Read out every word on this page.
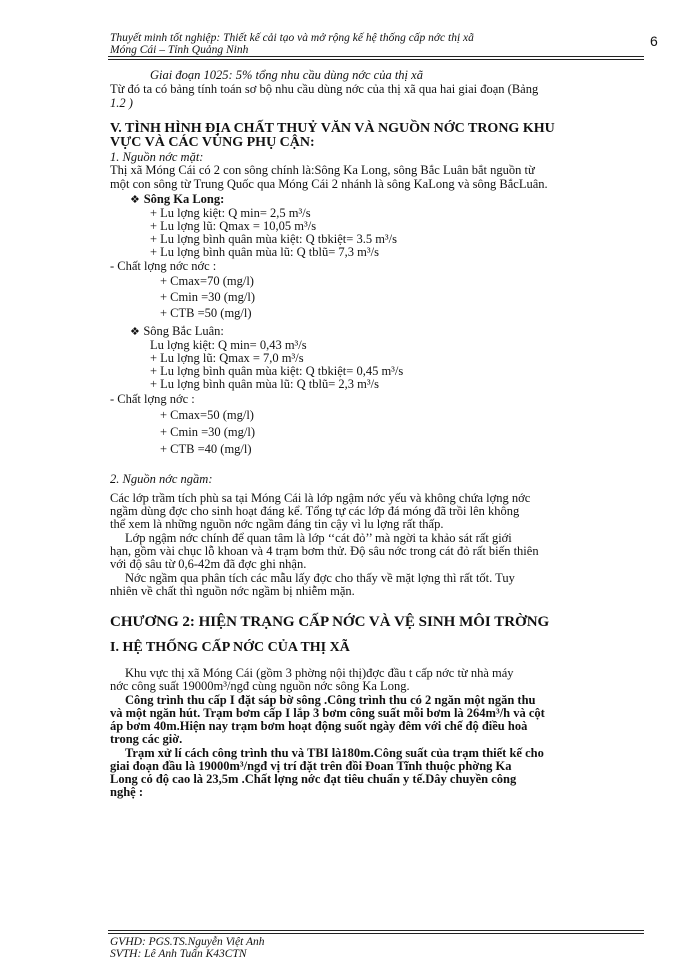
Thuyết minh tốt nghiệp: Thiết kế cải tạo và mở rộng kế hệ thống cấp nớc thị xã
Móng Cái – Tỉnh Quảng Ninh
6
Giai đoạn 1025: 5% tổng nhu cầu dùng nớc của thị xã
Từ đó ta có bảng tính toán sơ bộ nhu cầu dùng nớc của thị xã qua hai giai đoạn (Bảng
1.2 )
V. TÌNH HÌNH ĐỊA CHẤT THUỶ VĂN VÀ NGUỒN NỚC TRONG KHU
VỰC VÀ CÁC VÙNG PHỤ CẬN:
1. Nguồn nớc mặt:
Thị xã Móng Cái có 2 con sông chính là:Sông Ka Long, sông Bắc Luân bắt nguồn từ
một con sông từ Trung Quốc qua Móng Cái 2 nhánh là sông KaLong và sông BắcLuân.
❖ Sông Ka Long:
+ Lu lợng kiệt: Q min= 2,5 m³/s
+ Lu lợng lũ: Qmax = 10,05 m³/s
+ Lu lợng bình quân mùa kiệt: Q tbkiệt= 3.5 m³/s
+ Lu lợng bình quân mùa lũ: Q tblũ= 7,3 m³/s
- Chất lợng nớc nớc :
+ Cmax=70 (mg/l)
+ Cmin =30 (mg/l)
+ CTB =50 (mg/l)
❖ Sông Bắc Luân:
Lu lợng kiệt: Q min= 0,43 m³/s
+ Lu lợng lũ: Qmax = 7,0 m³/s
+ Lu lợng bình quân mùa kiệt: Q tbkiệt= 0,45 m³/s
+ Lu lợng bình quân mùa lũ: Q tblũ= 2,3 m³/s
- Chất lợng nớc :
+ Cmax=50 (mg/l)
+ Cmin =30 (mg/l)
+ CTB =40 (mg/l)
2. Nguồn nớc ngầm:
Các lớp trầm tích phù sa tại Móng Cái là lớp ngậm nớc yếu và không chứa lợng nớc
ngầm dùng đợc cho sinh hoạt đáng kể. Tổng tự các lớp đá móng đã trồi lên không
thể xem là những nguồn nớc ngầm đáng tin cậy vì lu lợng rất thấp.
Lớp ngậm nớc chính để quan tâm là lớp ‘‘cát đỏ’’ mà ngời ta khảo sát rất giới
hạn, gồm vài chục lỗ khoan và 4 trạm bơm thử. Độ sâu nớc trong cát đỏ rất biến thiên
với độ sâu từ 0,6-42m đã đợc ghi nhận.
Nớc ngầm qua phân tích các mẫu lấy đợc cho thấy về mặt lợng thì rất tốt. Tuy
nhiên về chất thì nguồn nớc ngầm bị nhiễm mặn.
CHƯƠNG 2: HIỆN TRẠNG CẤP NỚC VÀ VỆ SINH MÔI TRỜNG
I. HỆ THỐNG CẤP NỚC CỦA THỊ XÃ
Khu vực thị xã Móng Cái (gồm 3 phờng nội thị)đợc đầu t cấp nớc từ nhà máy
nớc công suất 19000m³/ngđ cùng nguồn nớc sông Ka Long.
Công trình thu cấp I đặt sáp bờ sông .Công trình thu có 2 ngăn một ngăn thu
và một ngăn hút. Trạm bơm cấp I lắp 3 bơm công suất mỗi bơm là 264m³/h và cột
áp bơm 40m.Hiện nay trạm bơm hoạt động suốt ngày đêm với chế độ điều hoà
trong các giờ.
Trạm xử lí cách công trình thu và TBI là180m.Công suất của trạm thiết kế cho
giai đoạn đầu là 19000m³/ngđ vị trí đặt trên đồi Đoan Tĩnh thuộc phờng Ka
Long có độ cao là 23,5m .Chất lợng nớc đạt tiêu chuẩn y tế.Dây chuyền công
nghệ :
GVHD: PGS.TS.Nguyễn Việt Anh
SVTH: Lê Anh Tuấn K43CTN
